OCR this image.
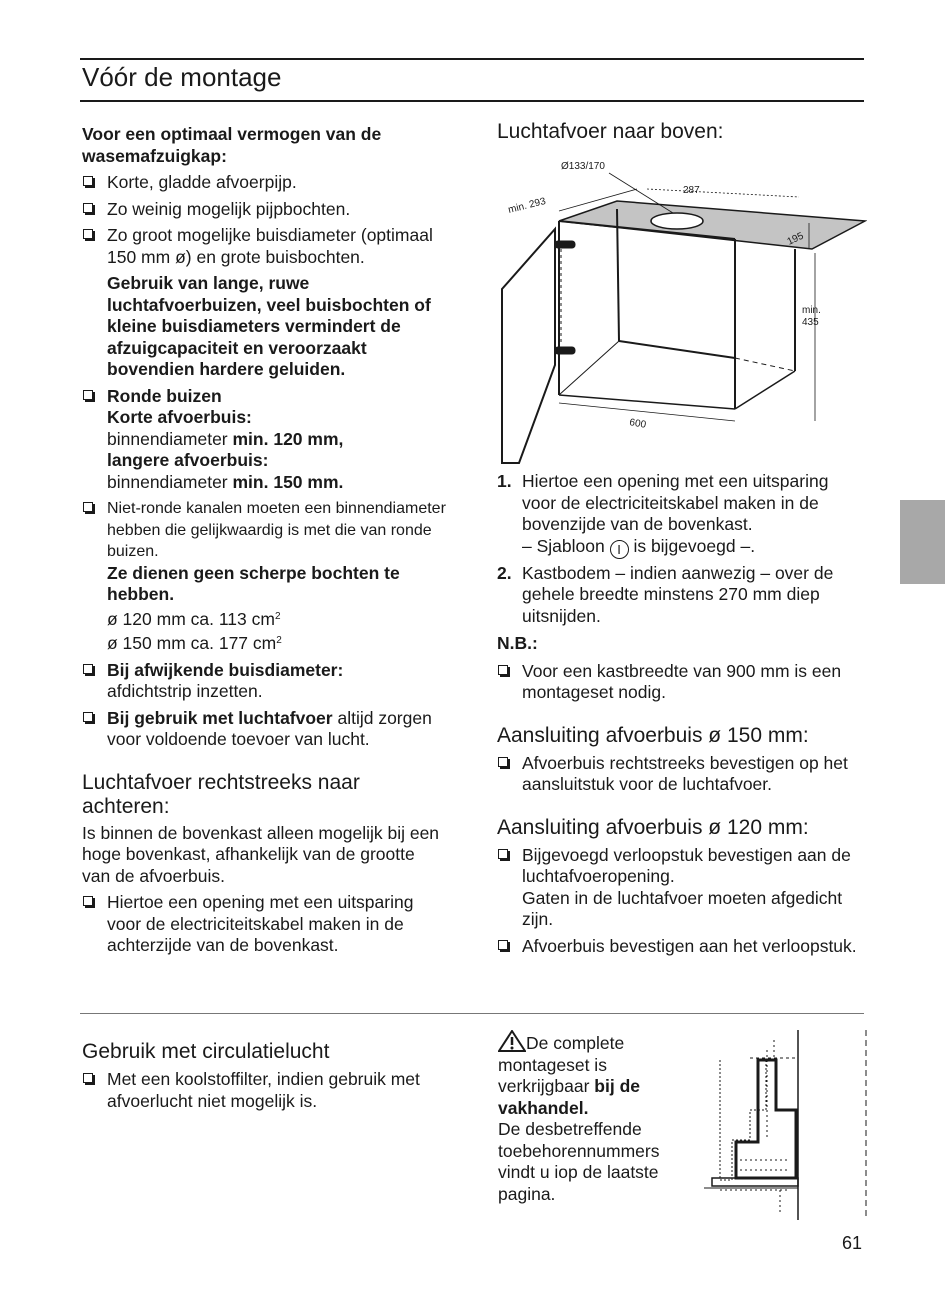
Vóór de montage

Voor een optimaal vermogen van de wasemafzuigkap:

Korte, gladde afvoerpijp.

Zo weinig mogelijk pijpbochten.

Zo groot mogelijke buisdiameter (optimaal 150 mm ø) en grote buisbochten.

Gebruik van lange, ruwe luchtafvoerbuizen, veel buisbochten of kleine buisdiameters vermindert de afzuigcapaciteit en veroorzaakt bovendien hardere geluiden.

Ronde buizen

Korte afvoerbuis:

binnendiameter min. 120 mm,

langere afvoerbuis:

binnendiameter min. 150 mm.

Niet-ronde kanalen moeten een binnendiameter hebben die gelijkwaardig is met die van ronde buizen.

Ze dienen geen scherpe bochten te hebben.

ø 120 mm ca. 113 $cm^2$

ø 150 mm ca. 177 $cm^2$

Bij afwijkende buisdiameter:

afdichtstrip inzetten.

Bij gebruik met luchtafvoer altijd zorgen voor voldoende toevoer van lucht.

Luchtafvoer rechtstreeks naar achteren:

Is binnen de bovenkast alleen mogelijk bij een hoge bovenkast, afhankelijk van de grootte van de afvoerbuis.

Hiertoe een opening met een uitsparing voor de electriciteitskabel maken in de achterzijde van de bovenkast.

Gebruik met circulatielucht

Met een koolstoffilter, indien gebruik met afvoerlucht niet mogelijk is.

Luchtafvoer naar boven:
Ø133/170
min. 293
287
195
min.
435
600
1. Hiertoe een opening met een uitsparing voor de electriciteitskabel maken in de bovenzijde van de bovenkast.

– Sjabloon I is bijgevoegd –.

2. Kastbodem – indien aanwezig – over de gehele breedte minstens 270 mm diep uitsnijden.

N.B.:

Voor een kastbreedte van 900 mm is een montageset nodig.

Aansluiting afvoerbuis ø 150 mm:

Afvoerbuis rechtstreeks bevestigen op het aansluitstuk voor de luchtafvoer.

Aansluiting afvoerbuis ø 120 mm:

Bijgevoegd verloopstuk bevestigen aan de luchtafvoeropening.

Gaten in de luchtafvoer moeten afgedicht zijn.

Afvoerbuis bevestigen aan het verloopstuk.

De complete montageset is verkrijgbaar bij de vakhandel.

De desbetreffende toebehorennummers vindt u iop de laatste pagina.

61
